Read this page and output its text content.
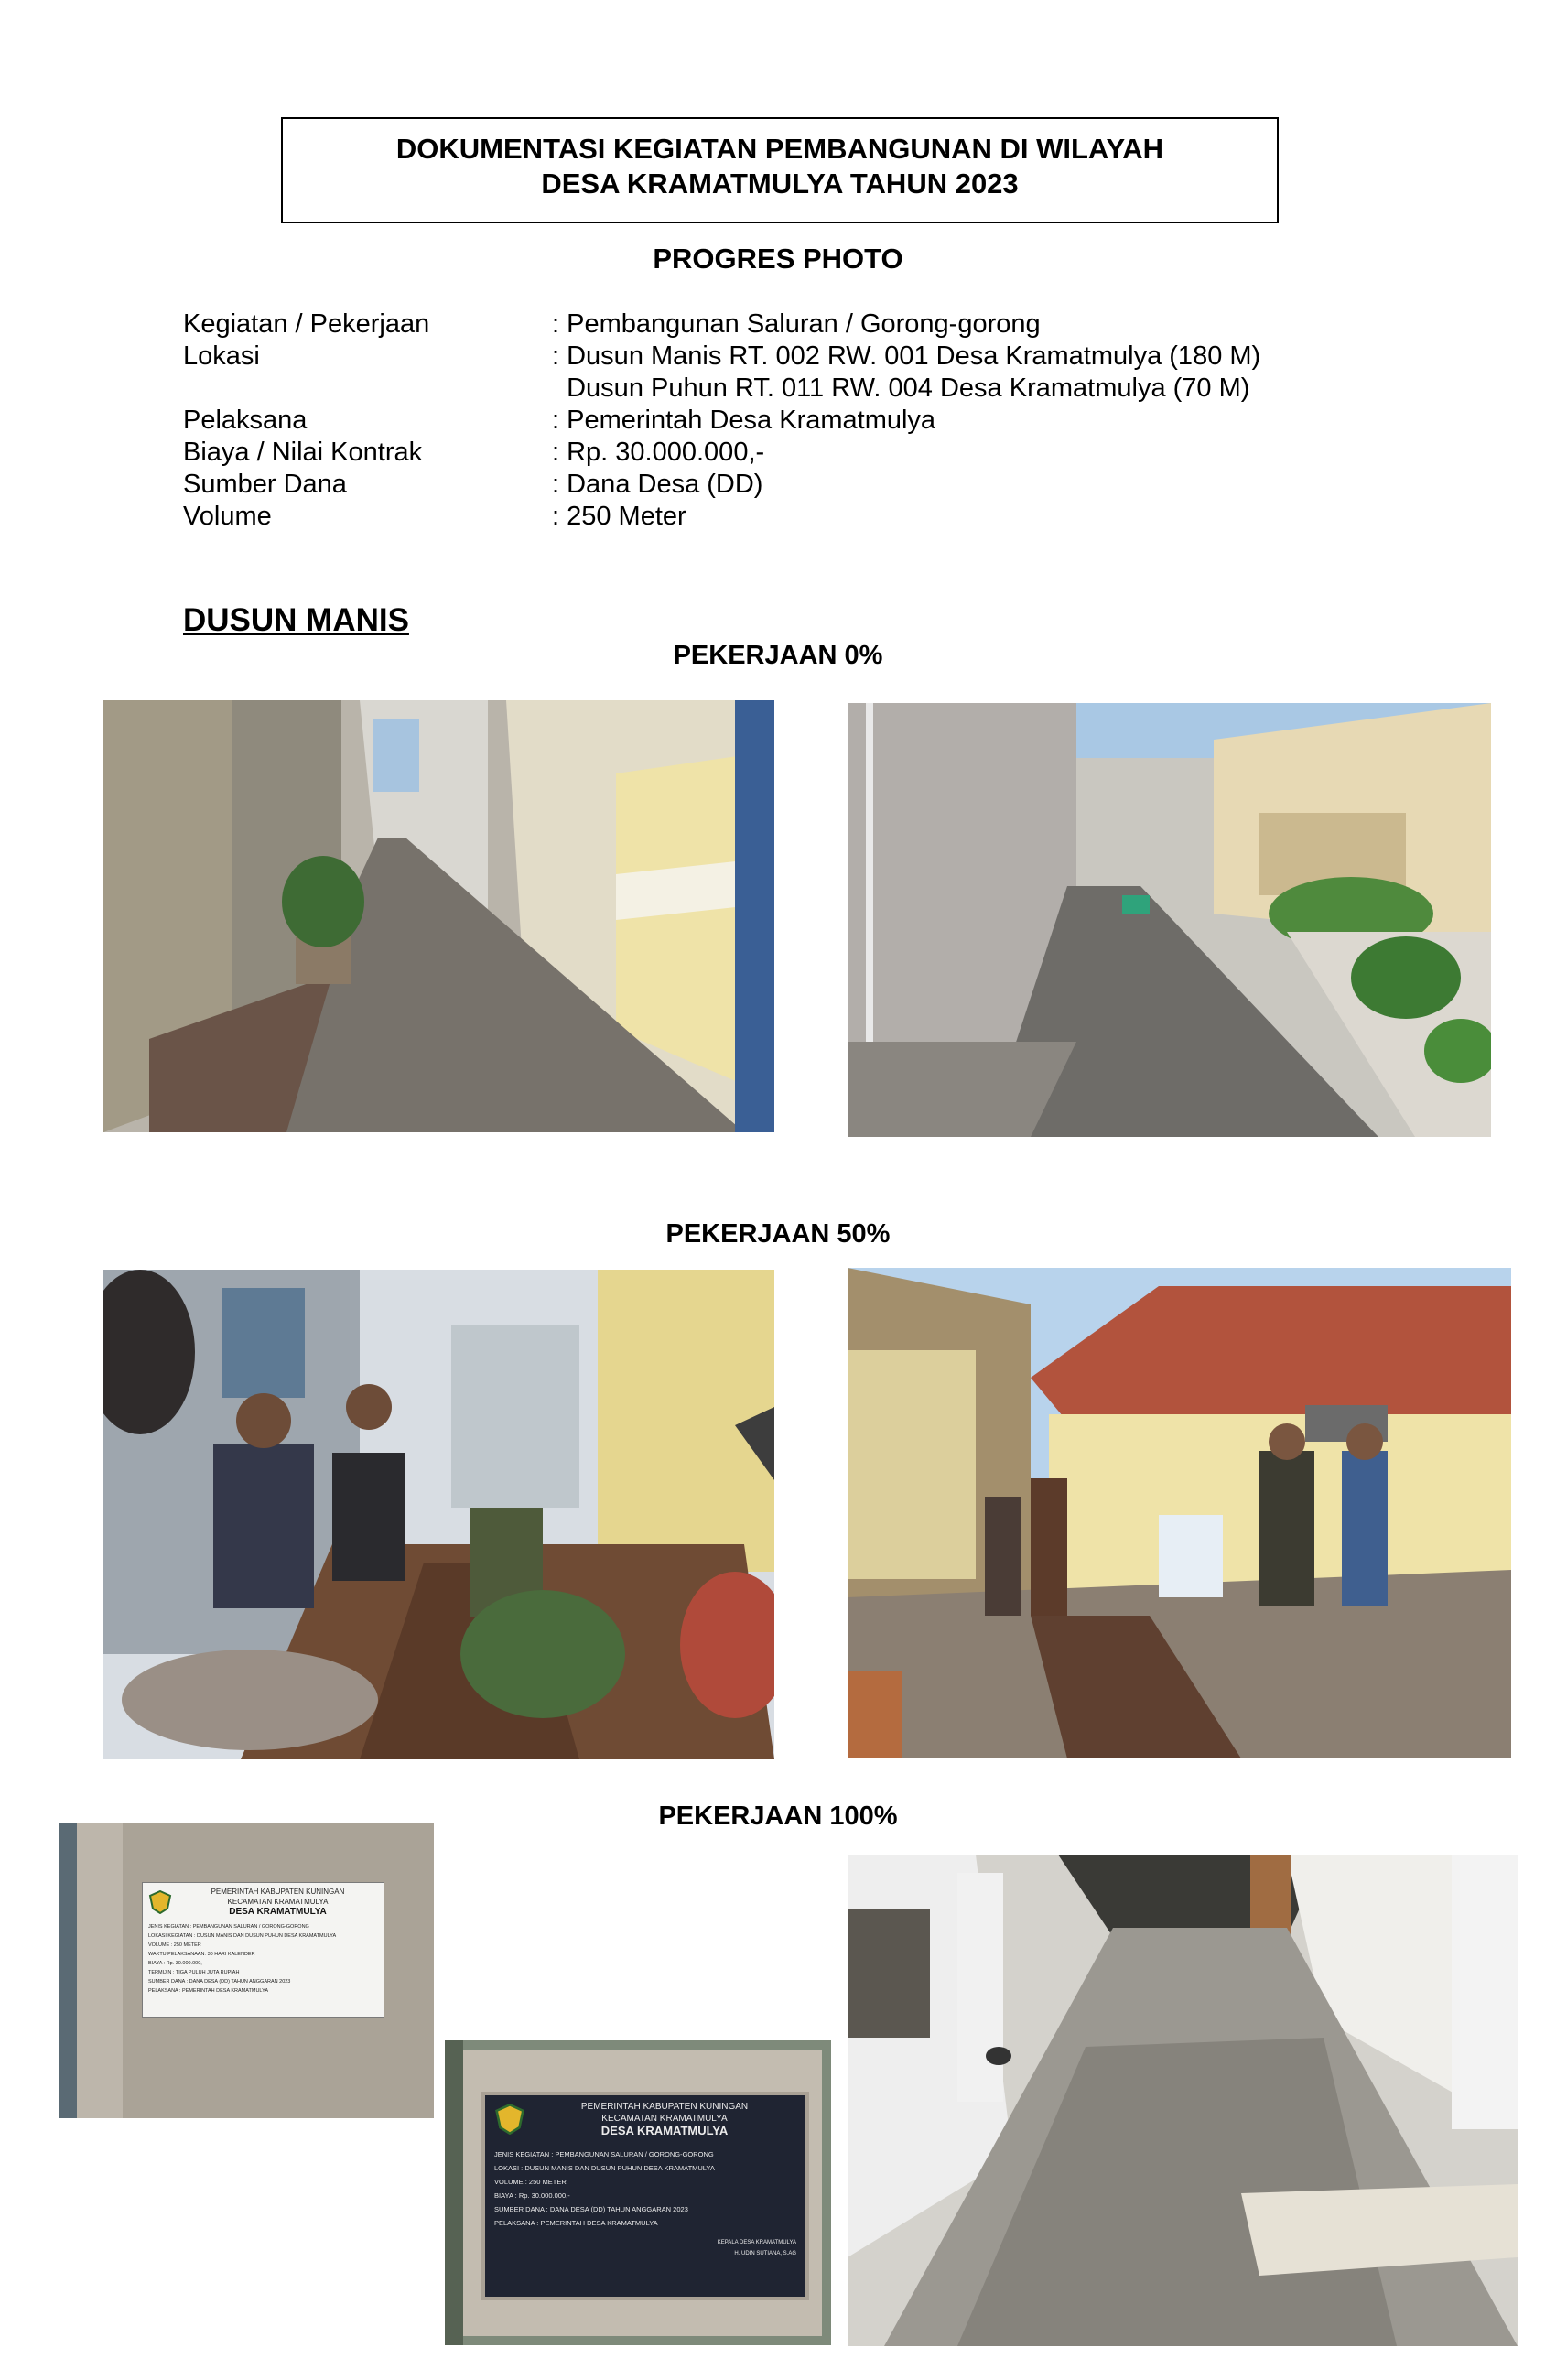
DOKUMENTASI KEGIATAN PEMBANGUNAN DI WILAYAH
DESA KRAMATMULYA TAHUN 2023
PROGRES PHOTO
Kegiatan / Pekerjaan	: Pembangunan Saluran / Gorong-gorong
Lokasi	: Dusun Manis RT. 002 RW. 001 Desa Kramatmulya (180 M)
Dusun Puhun RT. 011 RW. 004 Desa Kramatmulya (70 M)
Pelaksana	: Pemerintah Desa Kramatmulya
Biaya / Nilai Kontrak	: Rp. 30.000.000,-
Sumber Dana	: Dana Desa (DD)
Volume	: 250 Meter
DUSUN MANIS
PEKERJAAN 0%
PEKERJAAN 50%
PEKERJAAN 100%
PEMERINTAH KABUPATEN KUNINGAN
KECAMATAN KRAMATMULYA
DESA KRAMATMULYA
JENIS KEGIATAN : PEMBANGUNAN SALURAN / GORONG-GORONG
LOKASI KEGIATAN : DUSUN MANIS DAN DUSUN PUHUN DESA KRAMATMULYA
VOLUME : 250 METER
WAKTU PELAKSANAAN: 30 HARI KALENDER
BIAYA : Rp. 30.000.000,-
TERMIJIN : TIGA PULUH JUTA RUPIAH
SUMBER DANA : DANA DESA (DD) TAHUN ANGGARAN 2023
PELAKSANA : PEMERINTAH DESA KRAMATMULYA
PEMERINTAH KABUPATEN KUNINGAN
KECAMATAN KRAMATMULYA
DESA KRAMATMULYA
JENIS KEGIATAN : PEMBANGUNAN SALURAN / GORONG-GORONG
LOKASI : DUSUN MANIS DAN DUSUN PUHUN DESA KRAMATMULYA
VOLUME : 250 METER
BIAYA : Rp. 30.000.000,-
SUMBER DANA : DANA DESA (DD) TAHUN ANGGARAN 2023
PELAKSANA : PEMERINTAH DESA KRAMATMULYA
KEPALA DESA KRAMATMULYA
H. UDIN SUTIANA, S.AG
